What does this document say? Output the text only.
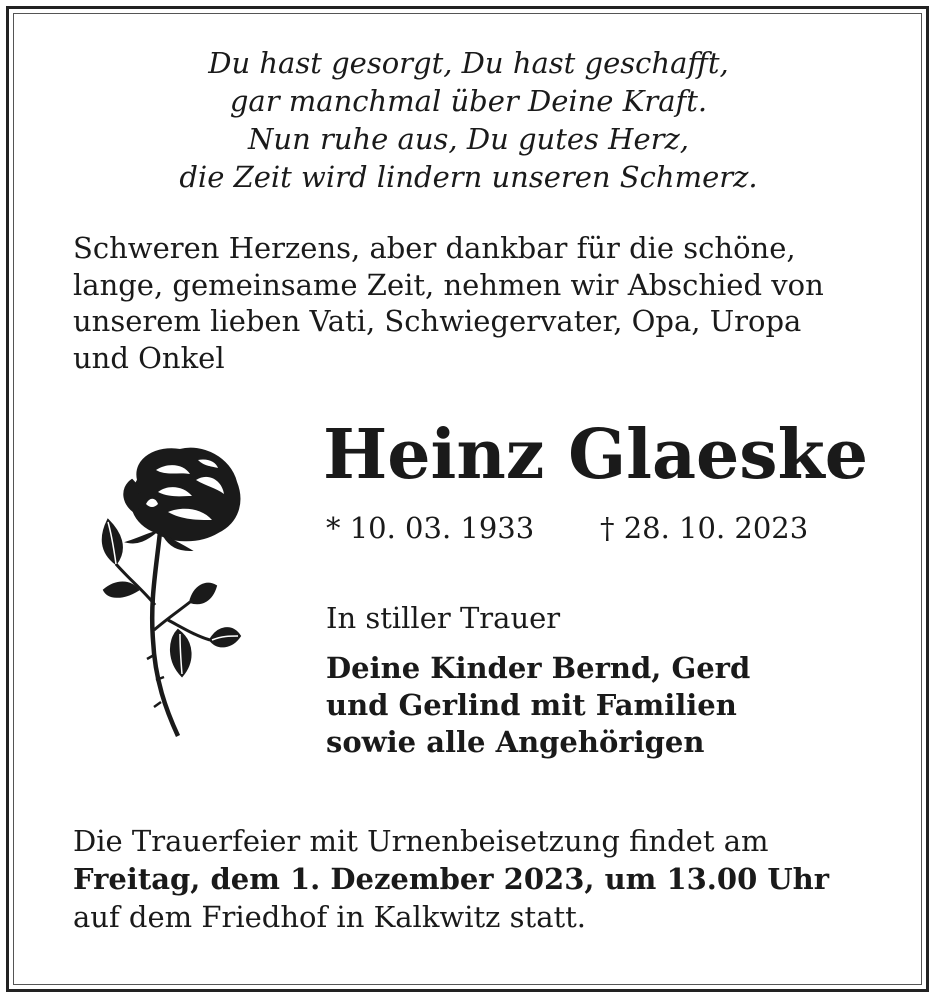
Du hast gesorgt, Du hast geschafft,
gar manchmal über Deine Kraft.
Nun ruhe aus, Du gutes Herz,
die Zeit wird lindern unseren Schmerz.
Schweren Herzens, aber dankbar für die schöne,
lange, gemeinsame Zeit, nehmen wir Abschied von
unserem lieben Vati, Schwiegervater, Opa, Uropa
und Onkel
Heinz Glaeske
* 10. 03. 1933 † 28. 10. 2023
In stiller Trauer
Deine Kinder Bernd, Gerd
und Gerlind mit Familien
sowie alle Angehörigen
Die Trauerfeier mit Urnenbeisetzung findet am
Freitag, dem 1. Dezember 2023, um 13.00 Uhr
auf dem Friedhof in Kalkwitz statt.
